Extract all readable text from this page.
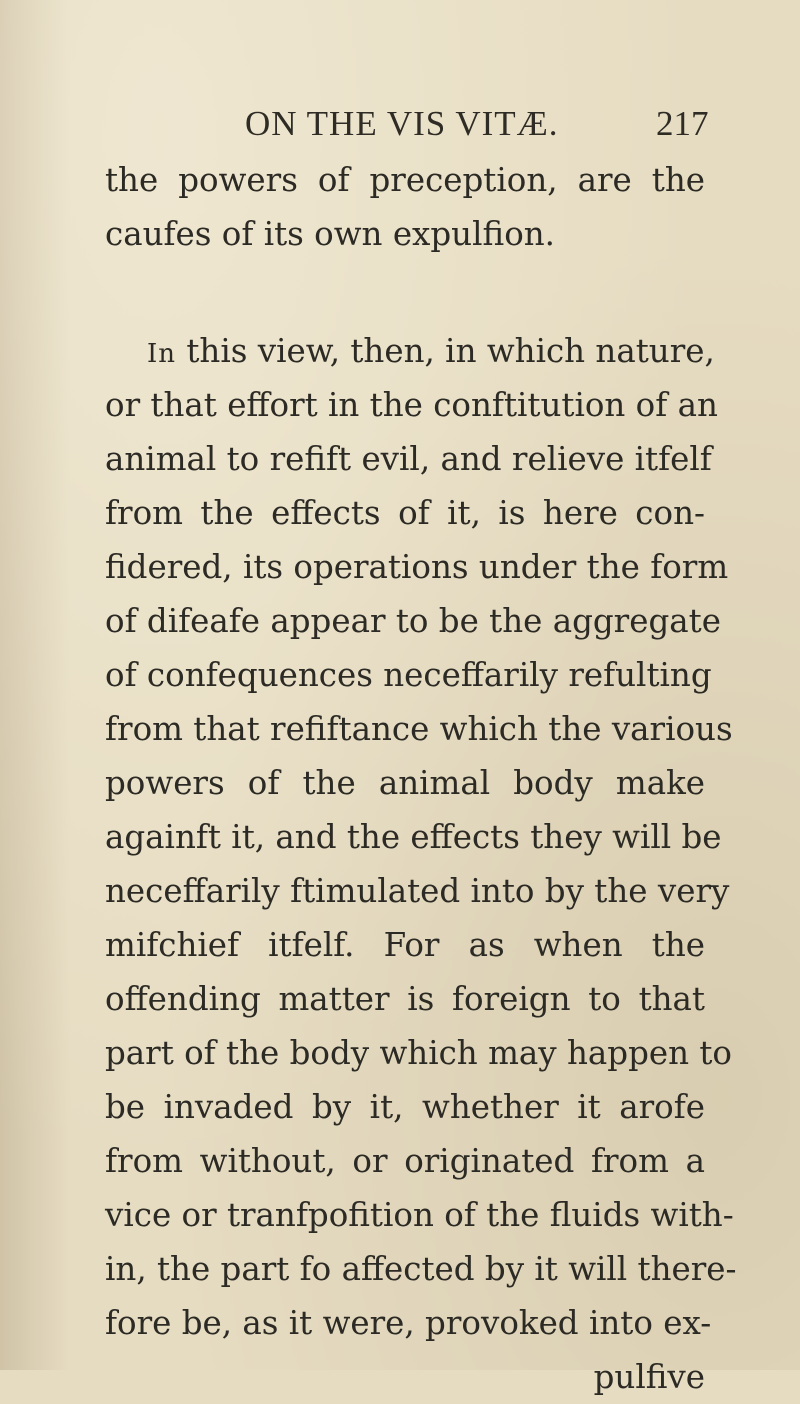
ON THE VIS VITÆ.	217
the powers of preception, are the
caufes of its own expulfion.
In this view, then, in which nature,
or that effort in the conftitution of an
animal to refift evil, and relieve itfelf
from the effects of it, is here con-
fidered, its operations under the form
of difeafe appear to be the aggregate
of confequences neceffarily refulting
from that refiftance which the various
powers of the animal body make
againft it, and the effects they will be
neceffarily ftimulated into by the very
mifchief itfelf. For as when the
offending matter is foreign to that
part of the body which may happen to
be invaded by it, whether it arofe
from without, or originated from a
vice or tranfpofition of the fluids with-
in, the part fo affected by it will there-
fore be, as it were, provoked into ex-
pulfive
